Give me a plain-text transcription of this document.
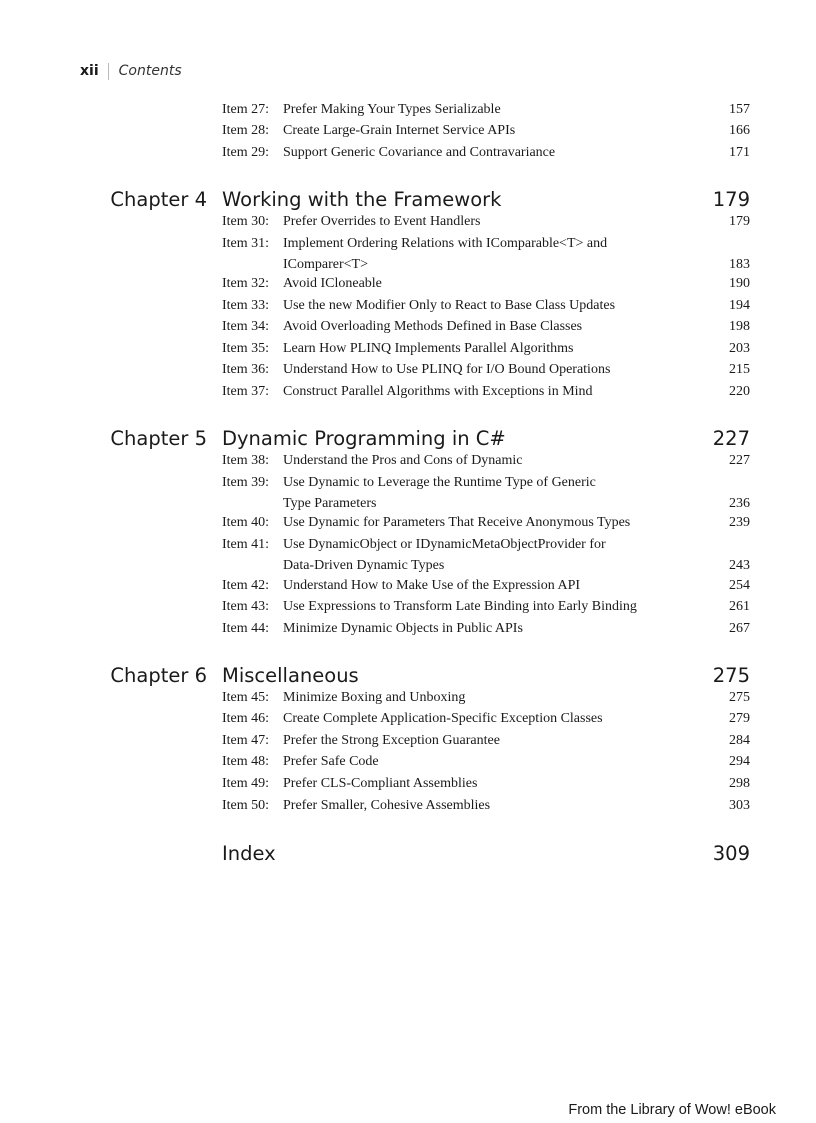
xii Contents
Item 27: Prefer Making Your Types Serializable	157
Item 28: Create Large-Grain Internet Service APIs	166
Item 29: Support Generic Covariance and Contravariance	171
Chapter 4 Working with the Framework	179
Item 30: Prefer Overrides to Event Handlers	179
Item 31: Implement Ordering Relations with IComparable<T> and
IComparer<T>	183
Item 32: Avoid ICloneable	190
Item 33: Use the new Modifier Only to React to Base Class Updates	194
Item 34: Avoid Overloading Methods Defined in Base Classes	198
Item 35: Learn How PLINQ Implements Parallel Algorithms	203
Item 36: Understand How to Use PLINQ for I/O Bound Operations	215
Item 37: Construct Parallel Algorithms with Exceptions in Mind	220
Chapter 5 Dynamic Programming in C#	227
Item 38: Understand the Pros and Cons of Dynamic	227
Item 39: Use Dynamic to Leverage the Runtime Type of Generic
Type Parameters	236
Item 40: Use Dynamic for Parameters That Receive Anonymous Types	239
Item 41: Use DynamicObject or IDynamicMetaObjectProvider for
Data-Driven Dynamic Types	243
Item 42: Understand How to Make Use of the Expression API	254
Item 43: Use Expressions to Transform Late Binding into Early Binding	261
Item 44: Minimize Dynamic Objects in Public APIs	267
Chapter 6 Miscellaneous	275
Item 45: Minimize Boxing and Unboxing	275
Item 46: Create Complete Application-Specific Exception Classes	279
Item 47: Prefer the Strong Exception Guarantee	284
Item 48: Prefer Safe Code	294
Item 49: Prefer CLS-Compliant Assemblies	298
Item 50: Prefer Smaller, Cohesive Assemblies	303
Index	309
From the Library of Wow! eBook
